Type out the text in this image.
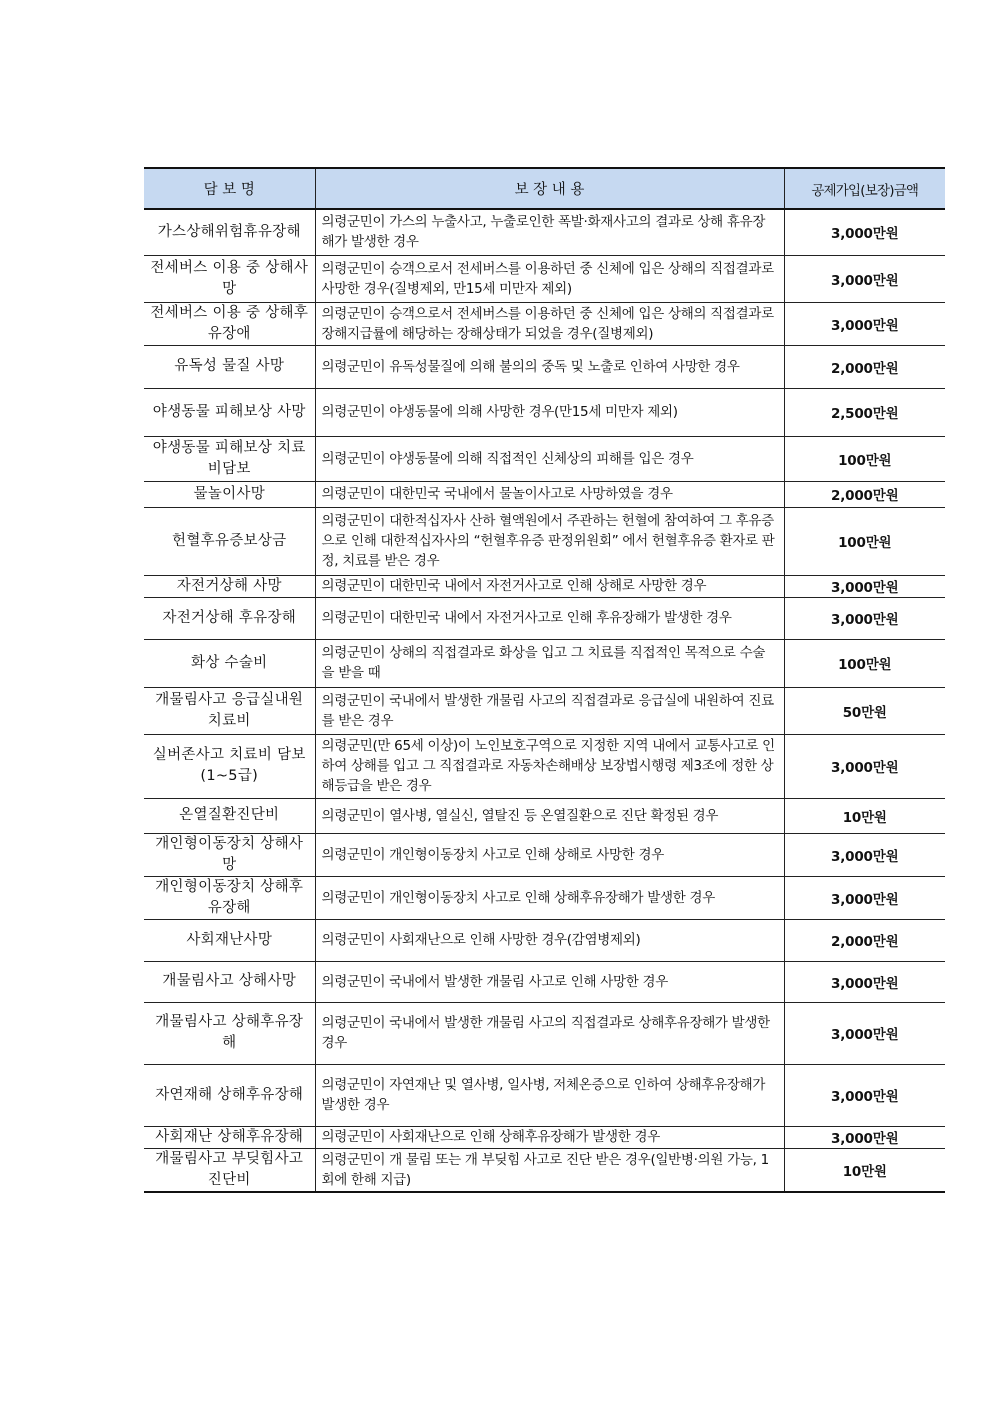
담 보 명	보 장 내 용	공제가입(보장)금액
가스상해위험휴유장해	의령군민이 가스의 누출사고, 누출로인한 폭발·화재사고의 결과로 상해 휴유장해가 발생한 경우	3,000만원
전세버스 이용 중 상해사망	의령군민이 승객으로서 전세버스를 이용하던 중 신체에 입은 상해의 직접결과로 사망한 경우(질병제외, 만15세 미만자 제외)	3,000만원
전세버스 이용 중 상해후유장애	의령군민이 승객으로서 전세버스를 이용하던 중 신체에 입은 상해의 직접결과로 장해지급률에 해당하는 장해상태가 되었을 경우(질병제외)	3,000만원
유독성 물질 사망	의령군민이 유독성물질에 의해 불의의 중독 및 노출로 인하여 사망한 경우	2,000만원
야생동물 피해보상 사망	의령군민이 야생동물에 의해 사망한 경우(만15세 미만자 제외)	2,500만원
야생동물 피해보상 치료비담보	의령군민이 야생동물에 의해 직접적인 신체상의 피해를 입은 경우	100만원
물놀이사망	의령군민이 대한민국 국내에서 물놀이사고로 사망하였을 경우	2,000만원
헌혈후유증보상금	의령군민이 대한적십자사 산하 혈액원에서 주관하는 헌혈에 참여하여 그 후유증으로 인해 대한적십자사의 “헌혈후유증 판정위원회” 에서 헌혈후유증 환자로 판정, 치료를 받은 경우	100만원
자전거상해 사망	의령군민이 대한민국 내에서 자전거사고로 인해 상해로 사망한 경우	3,000만원
자전거상해 후유장해	의령군민이 대한민국 내에서 자전거사고로 인해 후유장해가 발생한 경우	3,000만원
화상 수술비	의령군민이 상해의 직접결과로 화상을 입고 그 치료를 직접적인 목적으로 수술을 받을 때	100만원
개물림사고 응급실내원치료비	의령군민이 국내에서 발생한 개물림 사고의 직접결과로 응급실에 내원하여 진료를 받은 경우	50만원
실버존사고 치료비 담보(1~5급)	의령군민(만 65세 이상)이 노인보호구역으로 지정한 지역 내에서 교통사고로 인하여 상해를 입고 그 직접결과로 자동차손해배상 보장법시행령 제3조에 정한 상해등급을 받은 경우	3,000만원
온열질환진단비	의령군민이 열사병, 열실신, 열탈진 등 온열질환으로 진단 확정된 경우	10만원
개인형이동장치 상해사망	의령군민이 개인형이동장치 사고로 인해 상해로 사망한 경우	3,000만원
개인형이동장치 상해후유장해	의령군민이 개인형이동장치 사고로 인해 상해후유장해가 발생한 경우	3,000만원
사회재난사망	의령군민이 사회재난으로 인해 사망한 경우(감염병제외)	2,000만원
개물림사고 상해사망	의령군민이 국내에서 발생한 개물림 사고로 인해 사망한 경우	3,000만원
개물림사고 상해후유장해	의령군민이 국내에서 발생한 개물림 사고의 직접결과로 상해후유장해가 발생한 경우	3,000만원
자연재해 상해후유장해	의령군민이 자연재난 및 열사병, 일사병, 저체온증으로 인하여 상해후유장해가 발생한 경우	3,000만원
사회재난 상해후유장해	의령군민이 사회재난으로 인해 상해후유장해가 발생한 경우	3,000만원
개물림사고 부딪힘사고진단비	의령군민이 개 물림 또는 개 부딪힘 사고로 진단 받은 경우(일반병·의원 가능, 1회에 한해 지급)	10만원
